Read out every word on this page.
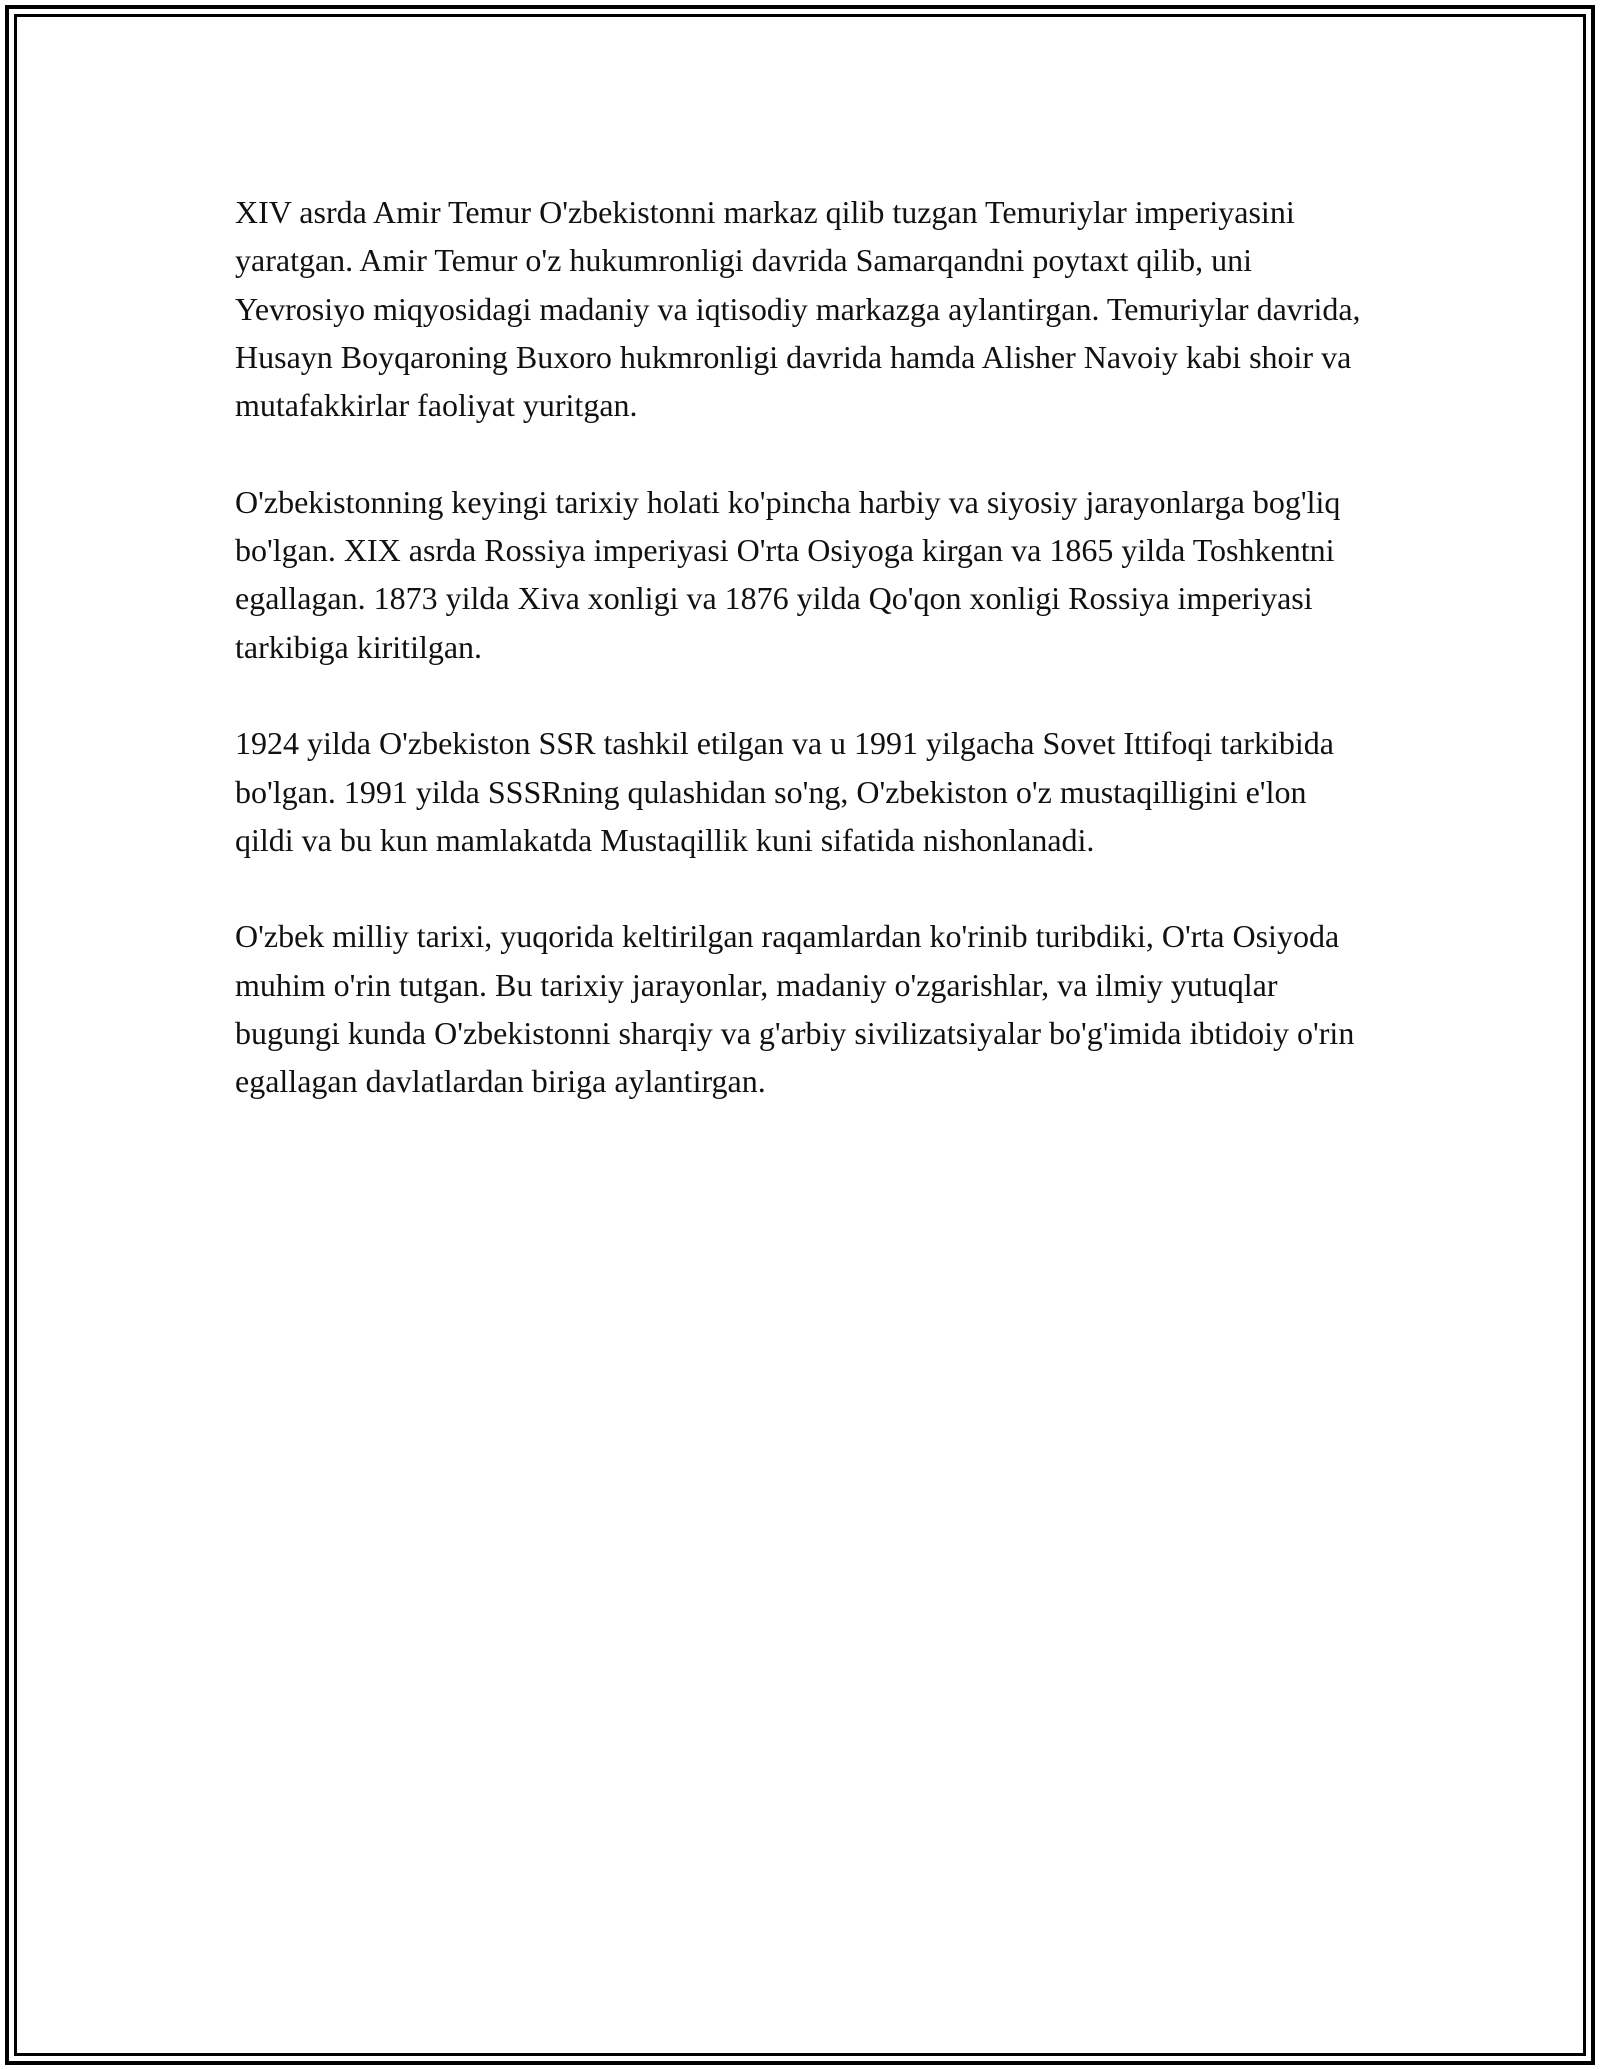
XIV asrda Amir Temur O'zbekistonni markaz qilib tuzgan Temuriylar imperiyasini yaratgan. Amir Temur o'z hukumronligi davrida Samarqandni poytaxt qilib, uni Yevrosiyo miqyosidagi madaniy va iqtisodiy markazga aylantirgan. Temuriylar davrida, Husayn Boyqaroning Buxoro hukmronligi davrida hamda Alisher Navoiy kabi shoir va mutafakkirlar faoliyat yuritgan.

O'zbekistonning keyingi tarixiy holati ko'pincha harbiy va siyosiy jarayonlarga bog'liq bo'lgan. XIX asrda Rossiya imperiyasi O'rta Osiyoga kirgan va 1865 yilda Toshkentni egallagan. 1873 yilda Xiva xonligi va 1876 yilda Qo'qon xonligi Rossiya imperiyasi tarkibiga kiritilgan.

1924 yilda O'zbekiston SSR tashkil etilgan va u 1991 yilgacha Sovet Ittifoqi tarkibida bo'lgan. 1991 yilda SSSRning qulashidan so'ng, O'zbekiston o'z mustaqilligini e'lon qildi va bu kun mamlakatda Mustaqillik kuni sifatida nishonlanadi.

O'zbek milliy tarixi, yuqorida keltirilgan raqamlardan ko'rinib turibdiki, O'rta Osiyoda muhim o'rin tutgan. Bu tarixiy jarayonlar, madaniy o'zgarishlar, va ilmiy yutuqlar bugungi kunda O'zbekistonni sharqiy va g'arbiy sivilizatsiyalar bo'g'imida ibtidoiy o'rin egallagan davlatlardan biriga aylantirgan.
